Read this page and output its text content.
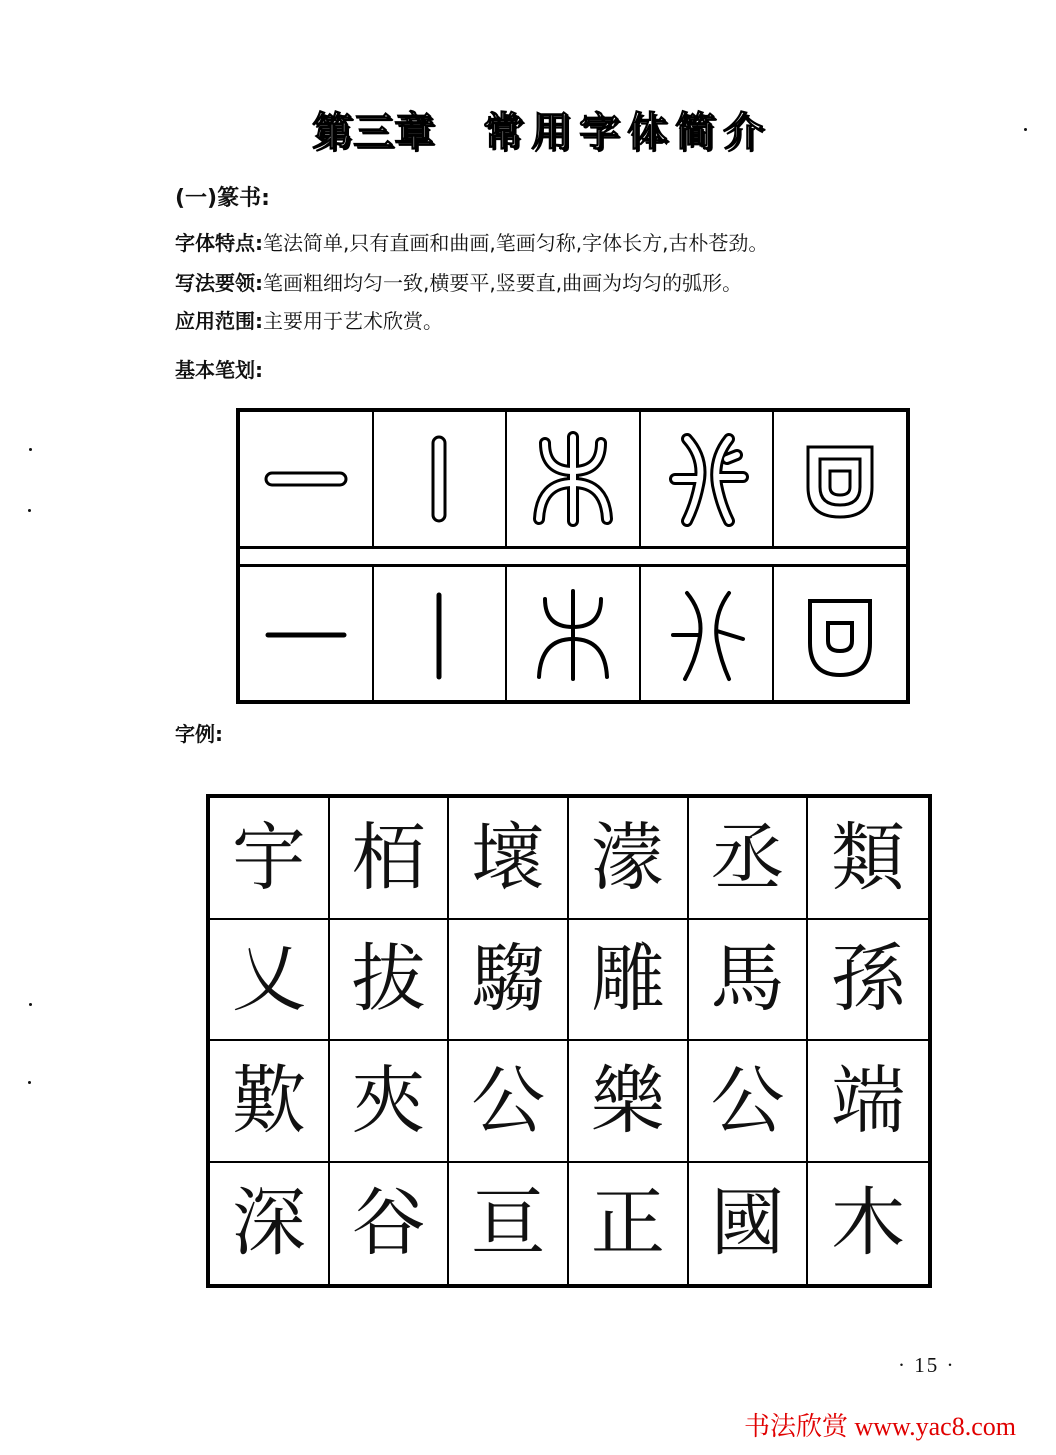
第三章 常用字体简介
(一)篆书:
字体特点:笔法简单,只有直画和曲画,笔画匀称,字体长方,古朴苍劲。
写法要领:笔画粗细均匀一致,横要平,竖要直,曲画为均匀的弧形。
应用范围:主要用于艺术欣赏。
基本笔划:
字例:
宇 栢 壞 濛 丞 類
乂 拔 騶 雕 馬 孫
歎 夾 公 樂 公 端
深 谷 亘 正 國 木
· 15 ·
书法欣赏 www.yac8.com
